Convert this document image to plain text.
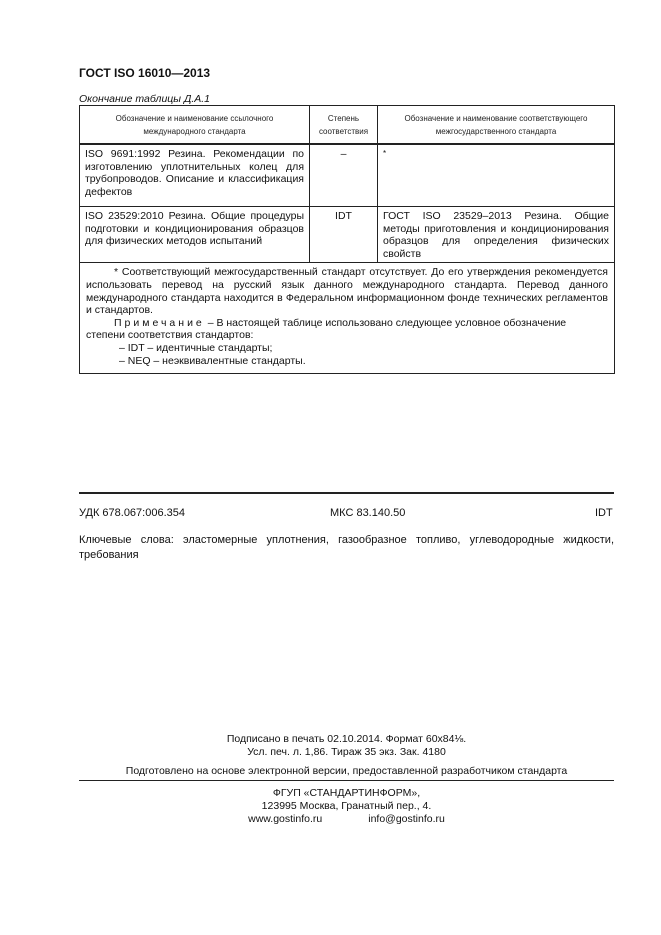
ГОСТ ISO 16010—2013
Окончание таблицы Д.А.1
Обозначение и наименование ссылочного международного стандарта	Степень соответствия	Обозначение и наименование соответствующего межгосударственного стандарта
ISO 9691:1992 Резина. Рекомендации по изготовлению уплотнительных колец для трубопроводов. Описание и классификация дефектов	–	*
ISO 23529:2010 Резина. Общие процедуры подготовки и кондиционирования образцов для физических методов испытаний	IDT	ГОСТ ISO 23529–2013 Резина. Общие методы приготовления и кондиционирования образцов для определения физических свойств

* Соответствующий межгосударственный стандарт отсутствует. До его утверждения рекомендуется использовать перевод на русский язык данного международного стандарта. Перевод данного международного стандарта находится в Федеральном информационном фонде технических регламентов и стандартов.

Примечание – В настоящей таблице использовано следующее условное обозначение степени соответствия стандартов:

– IDT – идентичные стандарты;

– NEQ – неэквивалентные стандарты.		

УДК 678.067:006.354	МКС 83.140.50	IDT
Ключевые слова: эластомерные уплотнения, газообразное топливо, углеводородные жидкости, требования
Подписано в печать 02.10.2014. Формат 60x84⅛.
Усл. печ. л. 1,86. Тираж 35 экз. Зак. 4180
Подготовлено на основе электронной версии, предоставленной разработчиком стандарта
ФГУП «СТАНДАРТИНФОРМ»,
123995 Москва, Гранатный пер., 4.
www.gostinfo.ru	info@gostinfo.ru
